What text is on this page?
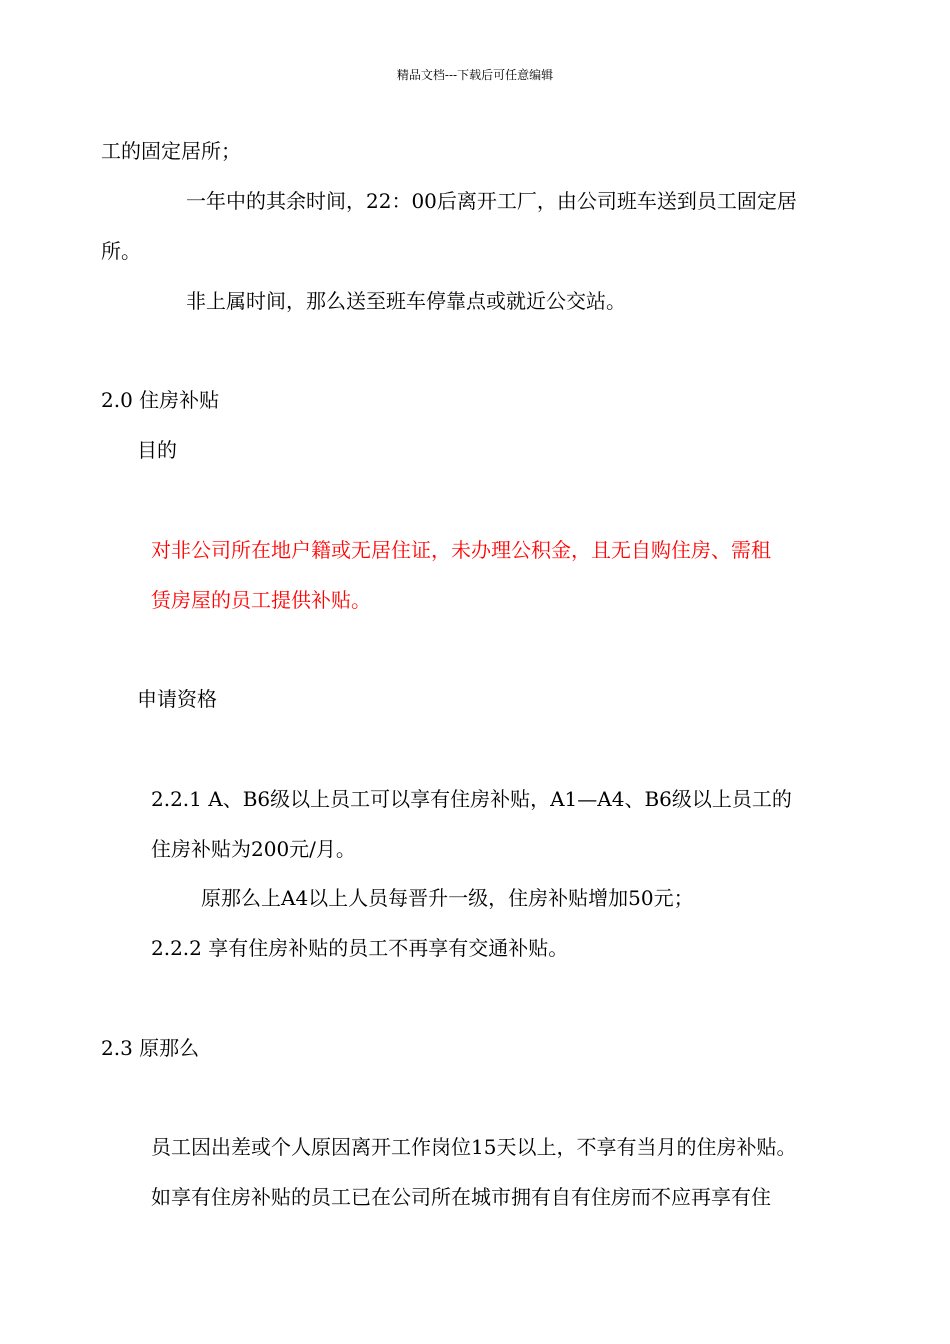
精品文档---下载后可任意编辑
工的固定居所；
一年中的其余时间，22：00后离开工厂，由公司班车送到员工固定居
所。
非上属时间，那么送至班车停靠点或就近公交站。
2.0 住房补贴
目的
对非公司所在地户籍或无居住证，未办理公积金，且无自购住房、需租
赁房屋的员工提供补贴。
申请资格
2.2.1 A、B6级以上员工可以享有住房补贴，A1—A4、B6级以上员工的
住房补贴为200元/月。
原那么上A4以上人员每晋升一级，住房补贴增加50元；
2.2.2 享有住房补贴的员工不再享有交通补贴。
2.3 原那么
员工因出差或个人原因离开工作岗位15天以上，不享有当月的住房补贴。
如享有住房补贴的员工已在公司所在城市拥有自有住房而不应再享有住
